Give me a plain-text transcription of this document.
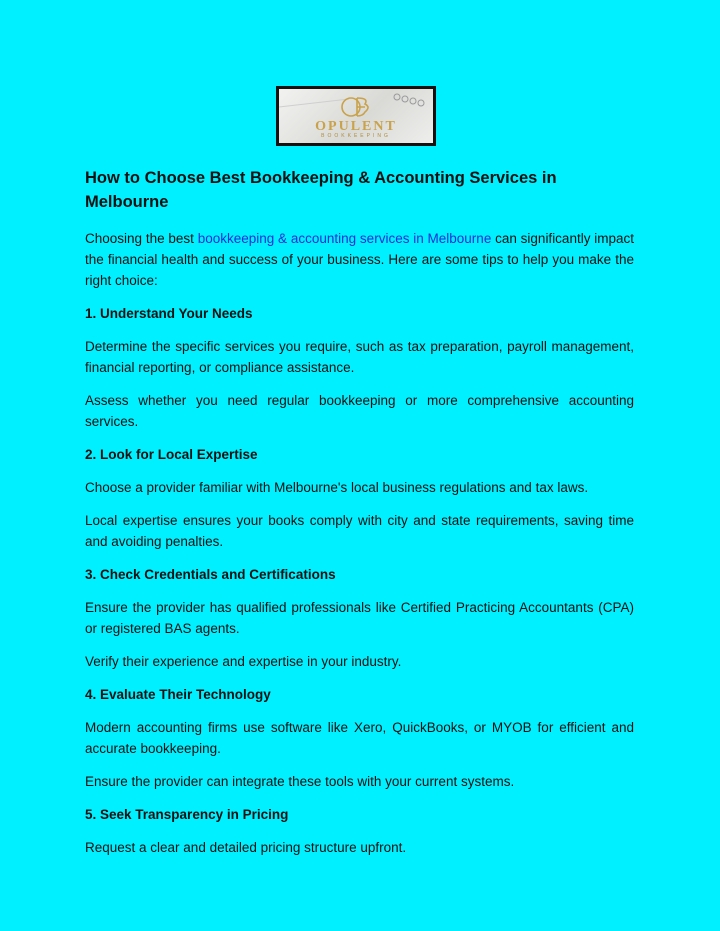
OPULENT
BOOKKEEPING
How to Choose Best Bookkeeping & Accounting Services in Melbourne

Choosing the best bookkeeping & accounting services in Melbourne can significantly impact the financial health and success of your business. Here are some tips to help you make the right choice:

1. Understand Your Needs

Determine the specific services you require, such as tax preparation, payroll management, financial reporting, or compliance assistance.

Assess whether you need regular bookkeeping or more comprehensive accounting services.

2. Look for Local Expertise

Choose a provider familiar with Melbourne's local business regulations and tax laws.

Local expertise ensures your books comply with city and state requirements, saving time and avoiding penalties.

3. Check Credentials and Certifications

Ensure the provider has qualified professionals like Certified Practicing Accountants (CPA) or registered BAS agents.

Verify their experience and expertise in your industry.

4. Evaluate Their Technology

Modern accounting firms use software like Xero, QuickBooks, or MYOB for efficient and accurate bookkeeping.

Ensure the provider can integrate these tools with your current systems.

5. Seek Transparency in Pricing

Request a clear and detailed pricing structure upfront.
